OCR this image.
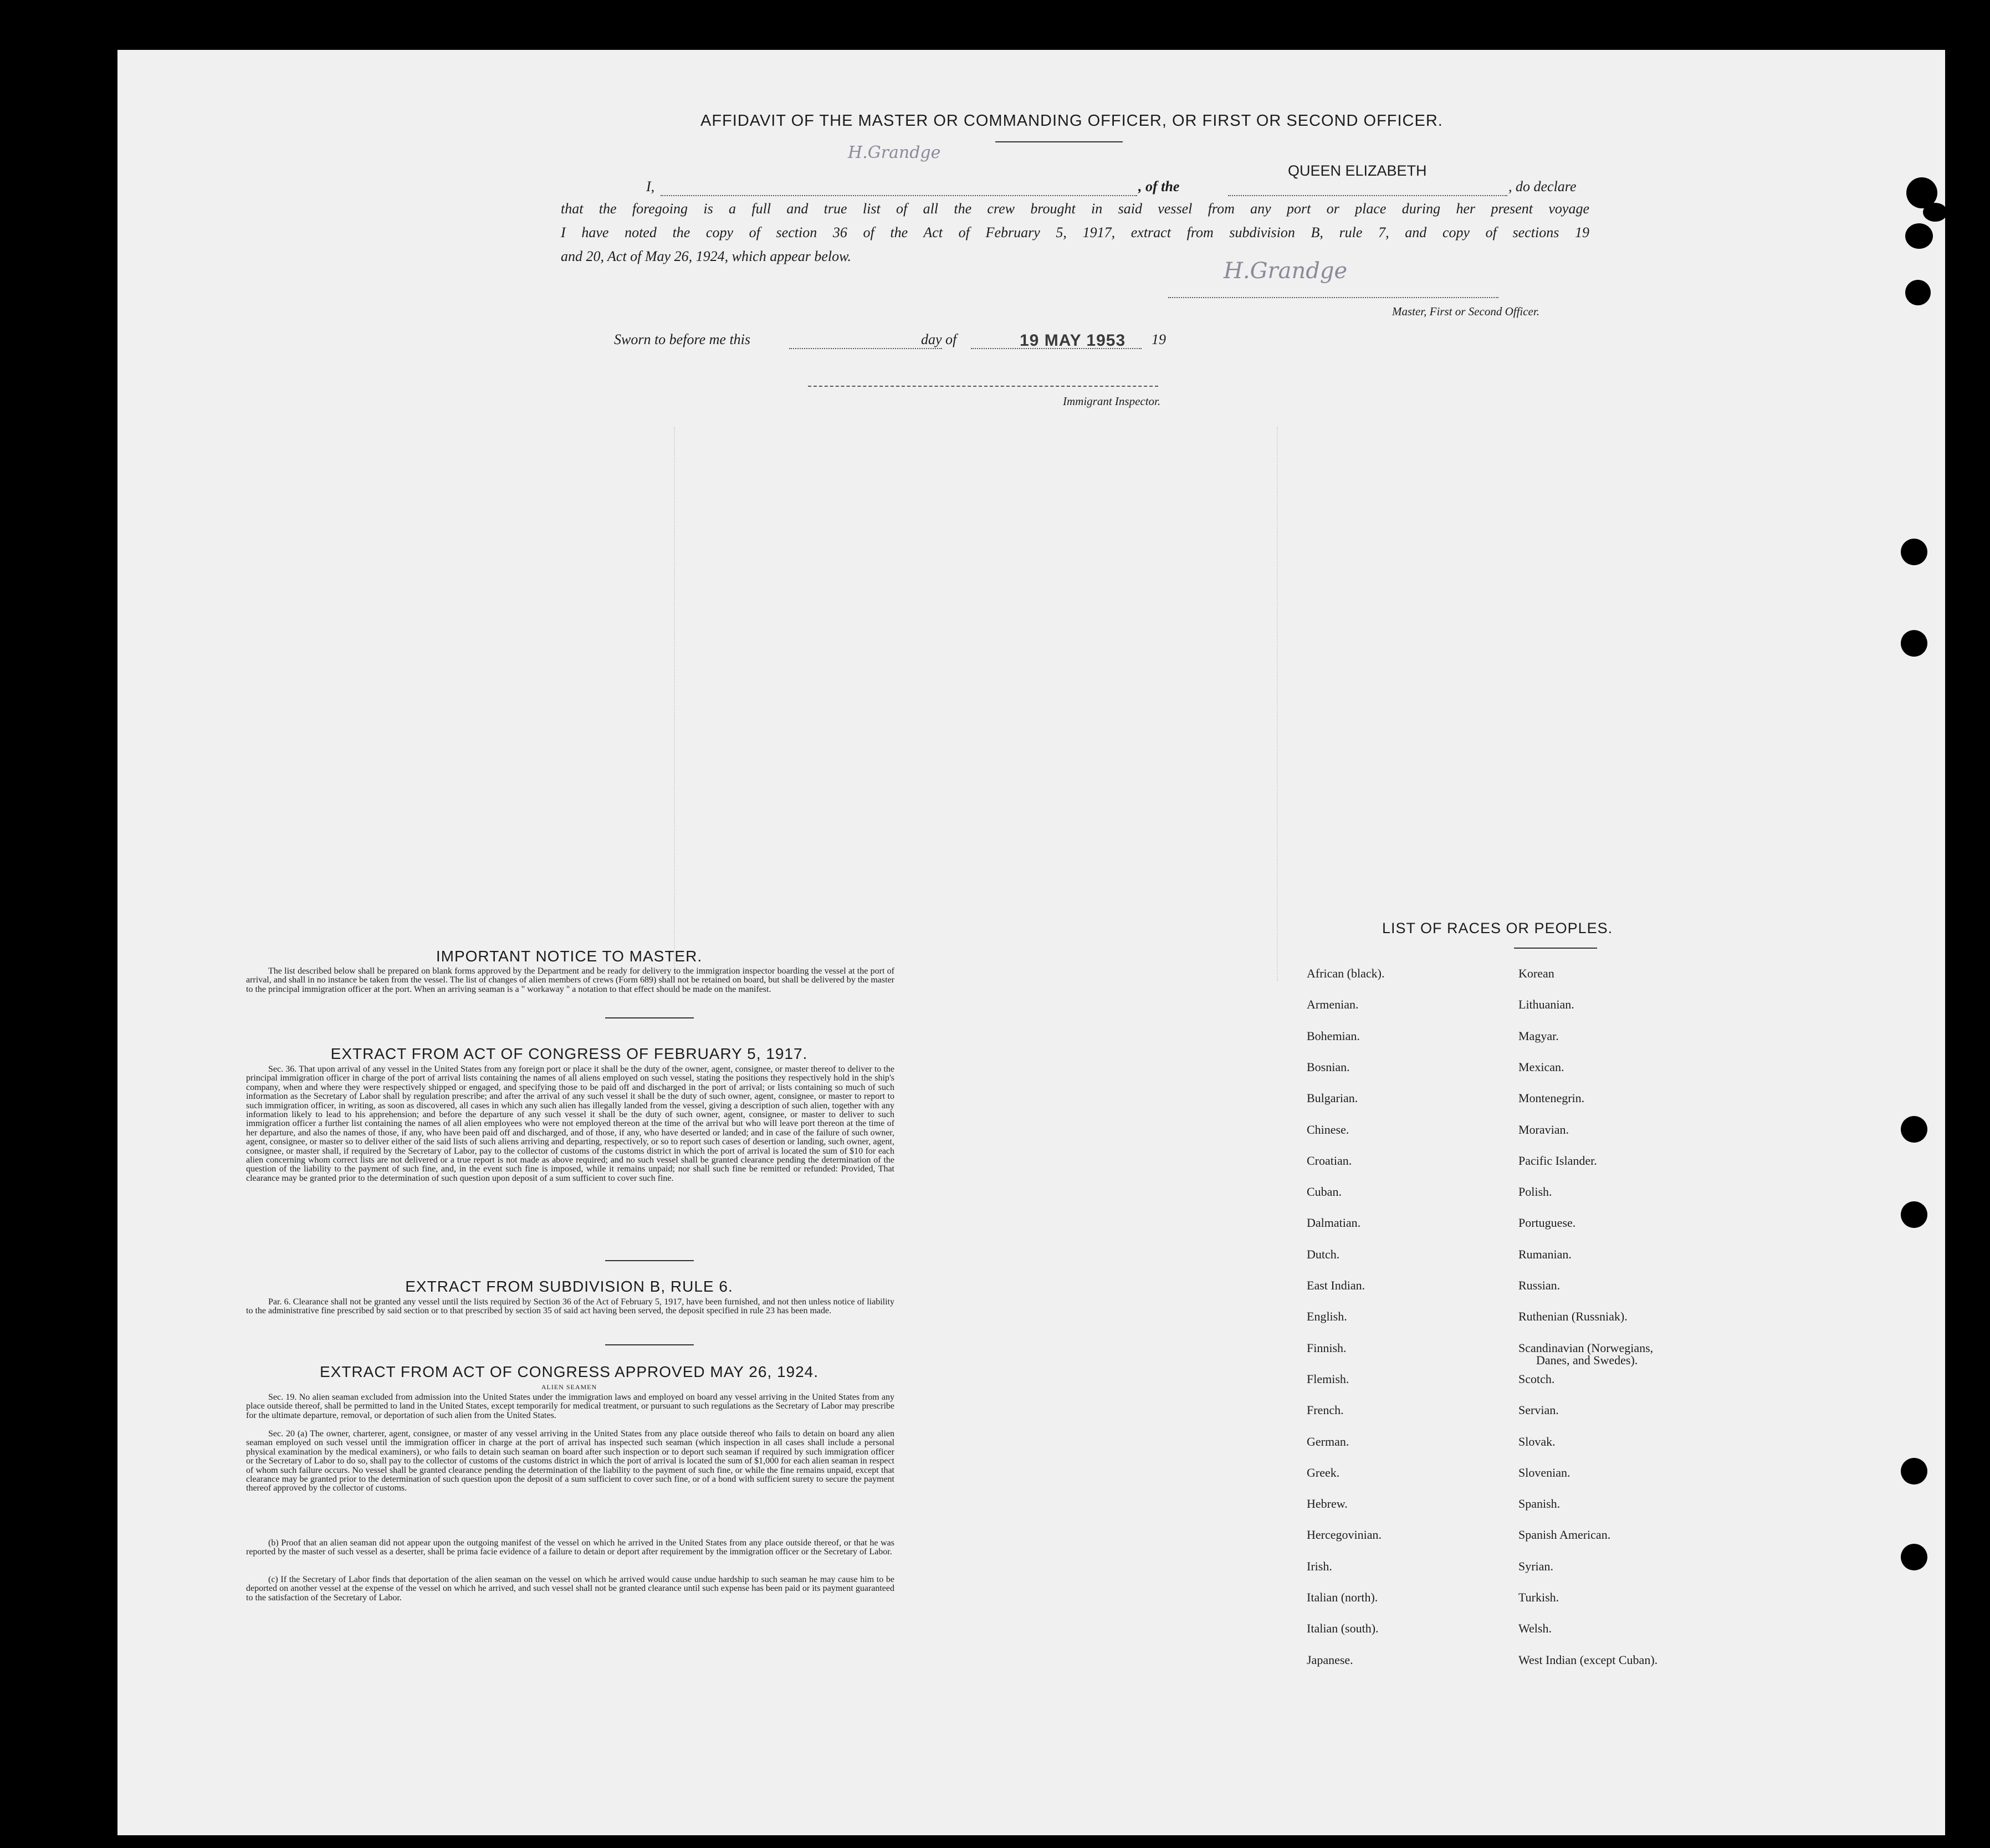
AFFIDAVIT OF THE MASTER OR COMMANDING OFFICER, OR FIRST OR SECOND OFFICER.
H.Grandge
QUEEN ELIZABETH
I,	, of the	, do declare
that the foregoing is a full and true list of all the crew brought in said vessel from any port or place during her present voyage
I have noted the copy of section 36 of the Act of February 5, 1917, extract from subdivision B, rule 7, and copy of sections 19
and 20, Act of May 26, 1924, which appear below.
H.Grandge
Master, First or Second Officer.
Sworn to before me this	day of	19 MAY 1953 19
Immigrant Inspector.
IMPORTANT NOTICE TO MASTER.
The list described below shall be prepared on blank forms approved by the Department and be ready for delivery to the immigration inspector boarding the vessel at the port of arrival, and shall in no instance be taken from the vessel. The list of changes of alien members of crews (Form 689) shall not be retained on board, but shall be delivered by the master to the principal immigration officer at the port. When an arriving seaman is a " workaway " a notation to that effect should be made on the manifest.
EXTRACT FROM ACT OF CONGRESS OF FEBRUARY 5, 1917.
Sec. 36. That upon arrival of any vessel in the United States from any foreign port or place it shall be the duty of the owner, agent, consignee, or master thereof to deliver to the principal immigration officer in charge of the port of arrival lists containing the names of all aliens employed on such vessel, stating the positions they respectively hold in the ship's company, when and where they were respectively shipped or engaged, and specifying those to be paid off and discharged in the port of arrival; or lists containing so much of such information as the Secretary of Labor shall by regulation prescribe; and after the arrival of any such vessel it shall be the duty of such owner, agent, consignee, or master to report to such immigration officer, in writing, as soon as discovered, all cases in which any such alien has illegally landed from the vessel, giving a description of such alien, together with any information likely to lead to his apprehension; and before the departure of any such vessel it shall be the duty of such owner, agent, consignee, or master to deliver to such immigration officer a further list containing the names of all alien employees who were not employed thereon at the time of the arrival but who will leave port thereon at the time of her departure, and also the names of those, if any, who have been paid off and discharged, and of those, if any, who have deserted or landed; and in case of the failure of such owner, agent, consignee, or master so to deliver either of the said lists of such aliens arriving and departing, respectively, or so to report such cases of desertion or landing, such owner, agent, consignee, or master shall, if required by the Secretary of Labor, pay to the collector of customs of the customs district in which the port of arrival is located the sum of $10 for each alien concerning whom correct lists are not delivered or a true report is not made as above required; and no such vessel shall be granted clearance pending the determination of the question of the liability to the payment of such fine, and, in the event such fine is imposed, while it remains unpaid; nor shall such fine be remitted or refunded: Provided, That clearance may be granted prior to the determination of such question upon deposit of a sum sufficient to cover such fine.
EXTRACT FROM SUBDIVISION B, RULE 6.
Par. 6. Clearance shall not be granted any vessel until the lists required by Section 36 of the Act of February 5, 1917, have been furnished, and not then unless notice of liability to the administrative fine prescribed by said section or to that prescribed by section 35 of said act having been served, the deposit specified in rule 23 has been made.
EXTRACT FROM ACT OF CONGRESS APPROVED MAY 26, 1924.
ALIEN SEAMEN
Sec. 19. No alien seaman excluded from admission into the United States under the immigration laws and employed on board any vessel arriving in the United States from any place outside thereof, shall be permitted to land in the United States, except temporarily for medical treatment, or pursuant to such regulations as the Secretary of Labor may prescribe for the ultimate departure, removal, or deportation of such alien from the United States.
Sec. 20 (a) The owner, charterer, agent, consignee, or master of any vessel arriving in the United States from any place outside thereof who fails to detain on board any alien seaman employed on such vessel until the immigration officer in charge at the port of arrival has inspected such seaman (which inspection in all cases shall include a personal physical examination by the medical examiners), or who fails to detain such seaman on board after such inspection or to deport such seaman if required by such immigration officer or the Secretary of Labor to do so, shall pay to the collector of customs of the customs district in which the port of arrival is located the sum of $1,000 for each alien seaman in respect of whom such failure occurs. No vessel shall be granted clearance pending the determination of the liability to the payment of such fine, or while the fine remains unpaid, except that clearance may be granted prior to the determination of such question upon the deposit of a sum sufficient to cover such fine, or of a bond with sufficient surety to secure the payment thereof approved by the collector of customs.
(b) Proof that an alien seaman did not appear upon the outgoing manifest of the vessel on which he arrived in the United States from any place outside thereof, or that he was reported by the master of such vessel as a deserter, shall be prima facie evidence of a failure to detain or deport after requirement by the immigration officer or the Secretary of Labor.
(c) If the Secretary of Labor finds that deportation of the alien seaman on the vessel on which he arrived would cause undue hardship to such seaman he may cause him to be deported on another vessel at the expense of the vessel on which he arrived, and such vessel shall not be granted clearance until such expense has been paid or its payment guaranteed to the satisfaction of the Secretary of Labor.
LIST OF RACES OR PEOPLES.
African (black).
Armenian.
Bohemian.
Bosnian.
Bulgarian.
Chinese.
Croatian.
Cuban.
Dalmatian.
Dutch.
East Indian.
English.
Finnish.
Flemish.
French.
German.
Greek.
Hebrew.
Hercegovinian.
Irish.
Italian (north).
Italian (south).
Japanese.
Korean
Lithuanian.
Magyar.
Mexican.
Montenegrin.
Moravian.
Pacific Islander.
Polish.
Portuguese.
Rumanian.
Russian.
Ruthenian (Russniak).
Scandinavian (Norwegians,
Scotch.
Servian.
Slovak.
Slovenian.
Spanish.
Spanish American.
Syrian.
Turkish.
Welsh.
West Indian (except Cuban).
Danes, and Swedes).
